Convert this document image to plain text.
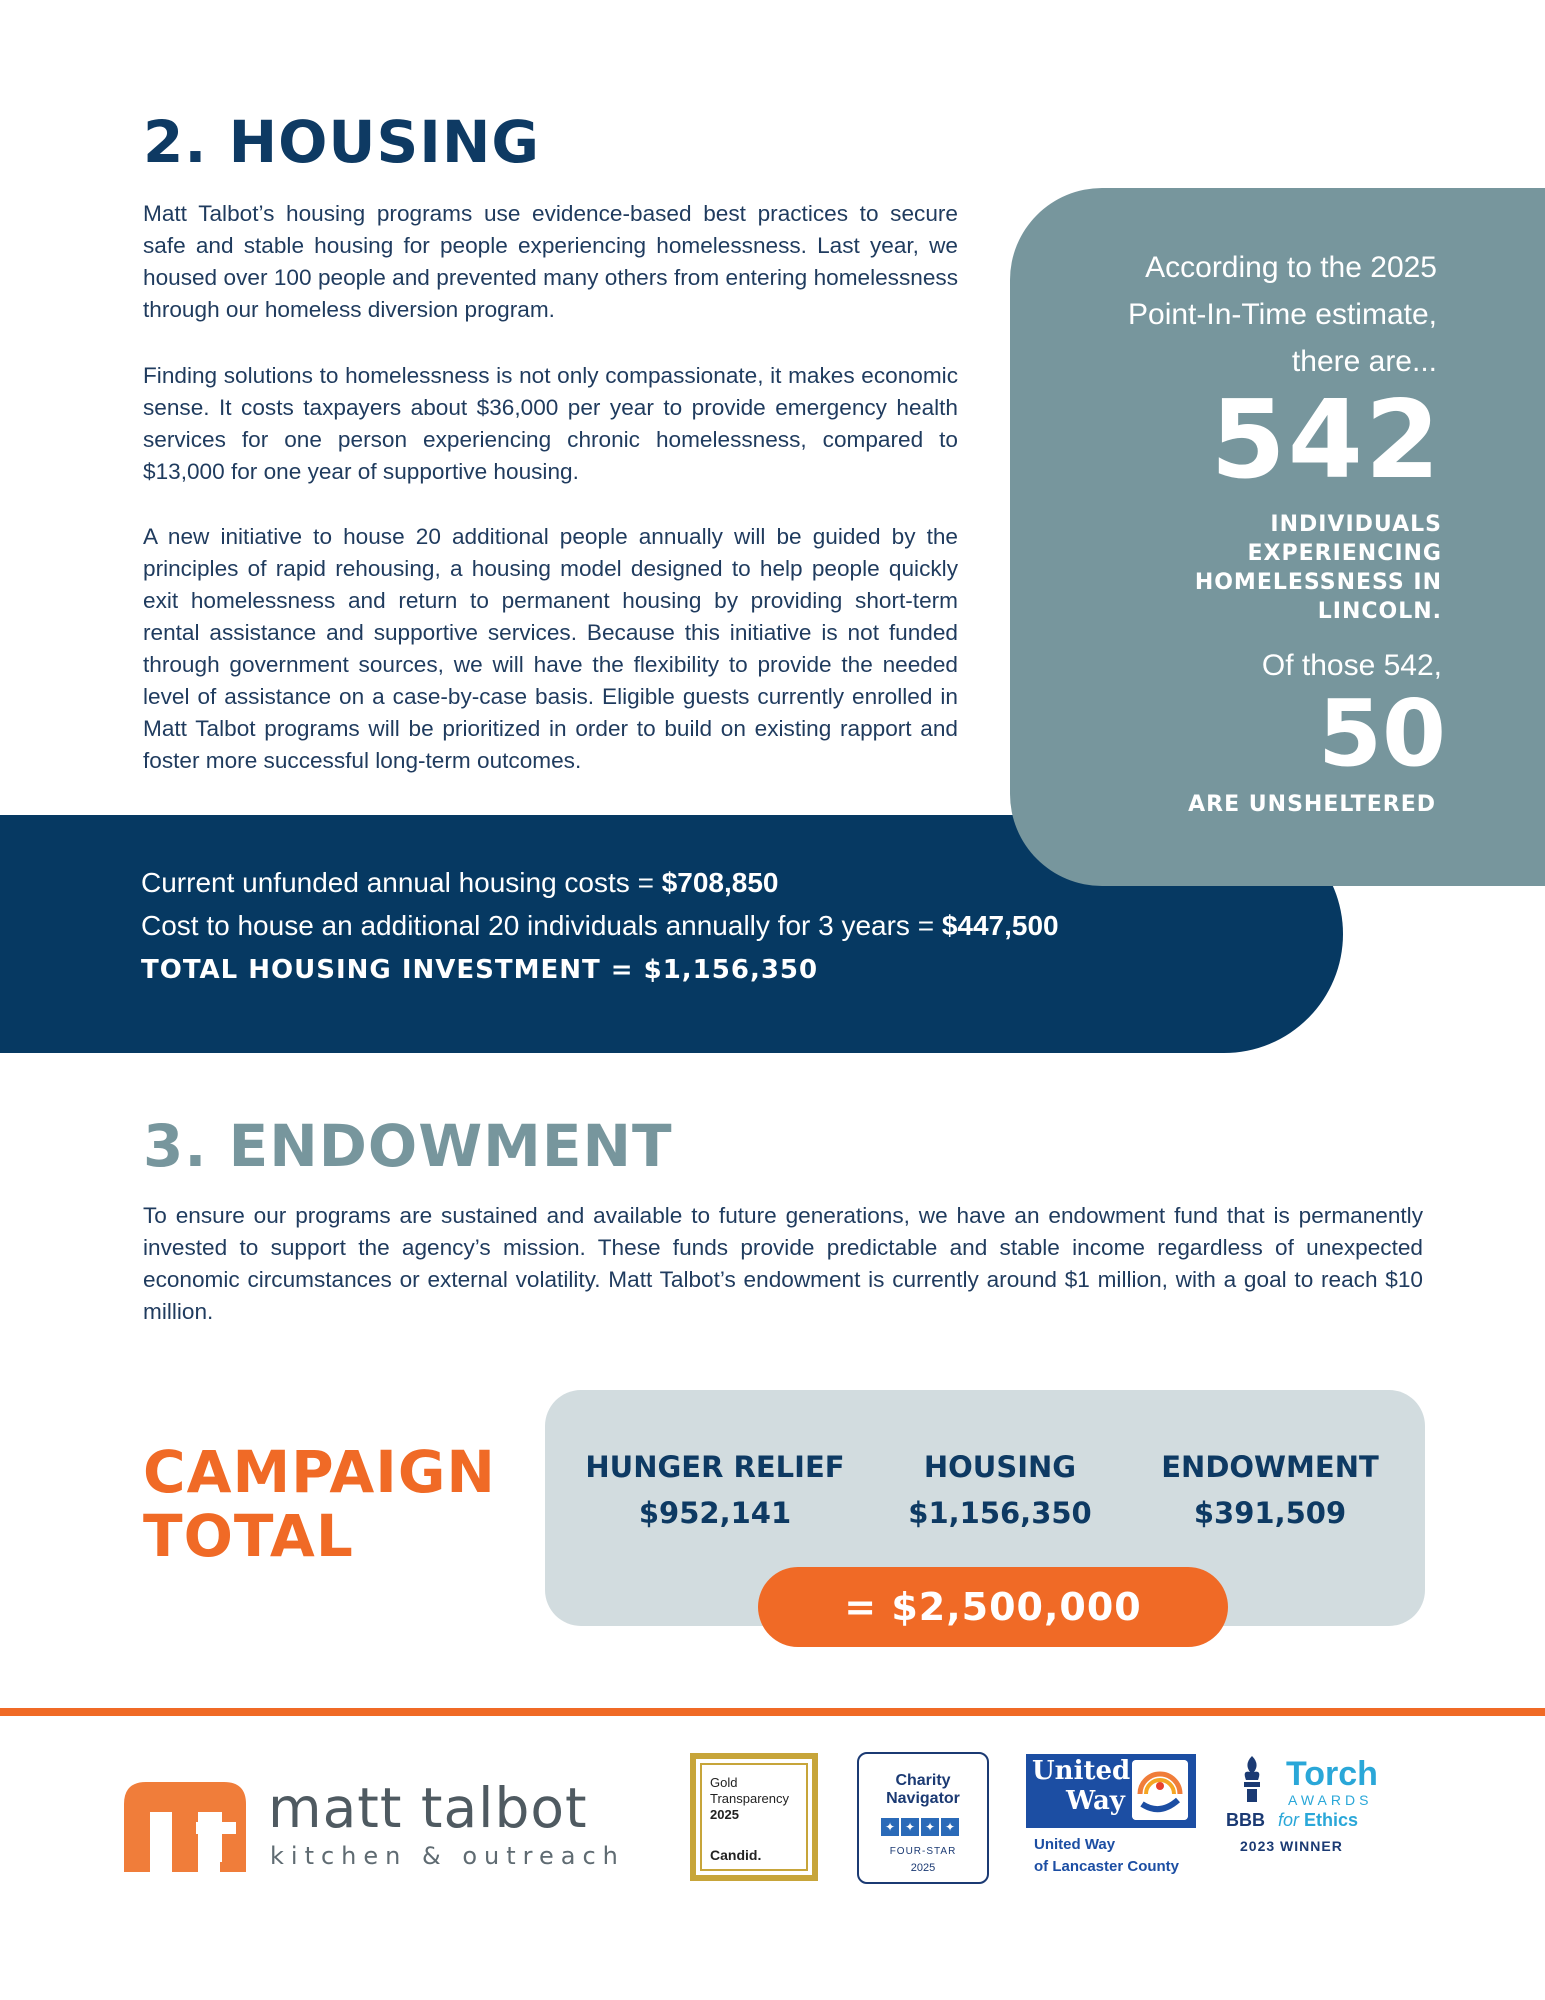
2. HOUSING

Matt Talbot’s housing programs use evidence-based best practices to secure safe and stable housing for people experiencing homelessness. Last year, we housed over 100 people and prevented many others from entering homelessness through our homeless diversion program.

Finding solutions to homelessness is not only compassionate, it makes economic sense. It costs taxpayers about $36,000 per year to provide emergency health services for one person experiencing chronic homelessness, compared to $13,000 for one year of supportive housing.

A new initiative to house 20 additional people annually will be guided by the principles of rapid rehousing, a housing model designed to help people quickly exit homelessness and return to permanent housing by providing short-term rental assistance and supportive services. Because this initiative is not funded through government sources, we will have the flexibility to provide the needed level of assistance on a case-by-case basis. Eligible guests currently enrolled in Matt Talbot programs will be prioritized in order to build on existing rapport and foster more successful long-term outcomes.

Current unfunded annual housing costs = $708,850
Cost to house an additional 20 individuals annually for 3 years = $447,500
TOTAL HOUSING INVESTMENT = $1,156,350
According to the 2025
Point-In-Time estimate,
there are...
542
INDIVIDUALS
EXPERIENCING
HOMELESSNESS IN
LINCOLN.
Of those 542,
50
ARE UNSHELTERED
3. ENDOWMENT

To ensure our programs are sustained and available to future generations, we have an endowment fund that is permanently invested to support the agency’s mission. These funds provide predictable and stable income regardless of unexpected economic circumstances or external volatility. Matt Talbot’s endowment is currently around $1 million, with a goal to reach $10 million.

CAMPAIGN
TOTAL
HUNGER RELIEF
$952,141
HOUSING
$1,156,350
ENDOWMENT
$391,509
= $2,500,000
matt talbot
kitchen & outreach
Gold
Transparency
2025
Candid.
Charity
Navigator
✦ ✦ ✦ ✦
FOUR-STAR
2025
United
Way
United Way
of Lancaster County
Torch
AWARDS
BBB for Ethics
2023 WINNER
